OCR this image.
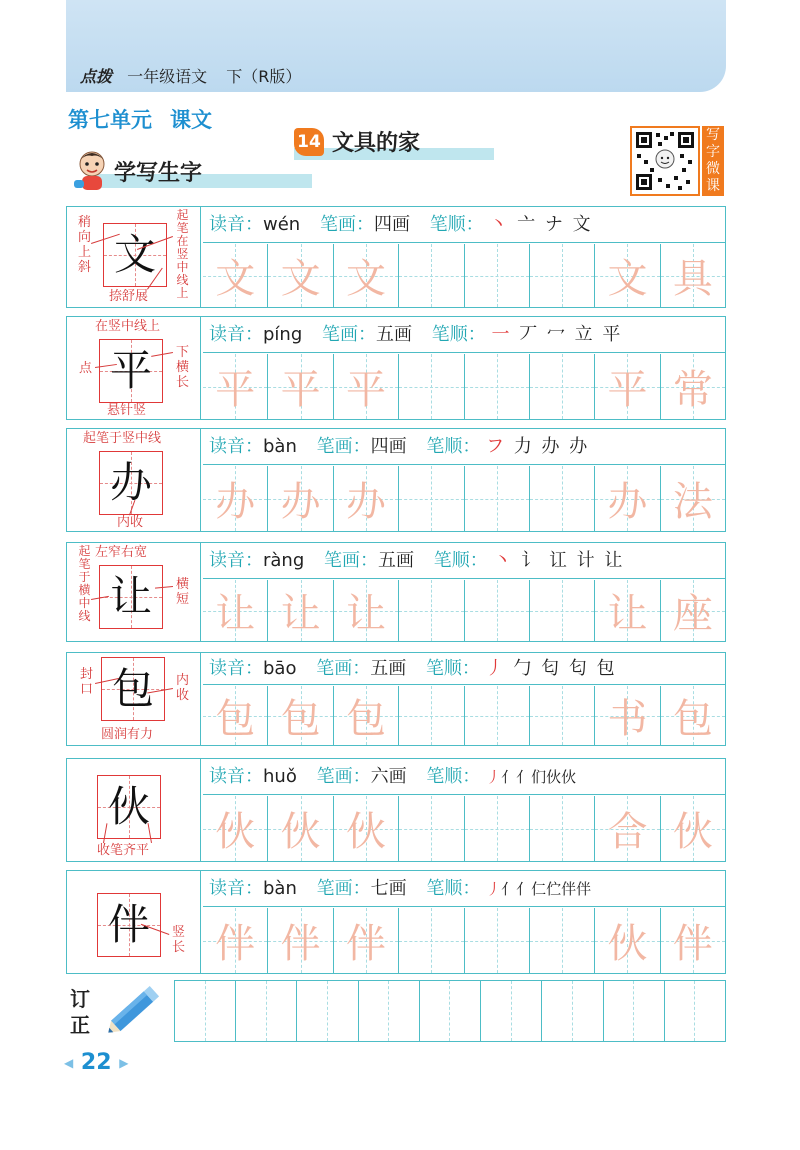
点拨 一年级语文 下（R版）
第七单元 课文
14 文具的家
学写生字
写
字
微
课
文
稍向上斜
起笔在竖中线上
捺舒展
读音：wén 笔画：四画 笔顺： 丶 亠 ナ 文
文 文 文	文 具
平
在竖中线上
点
下横长
悬针竖
读音：píng 笔画：五画 笔顺： 一 丆 冖 立 平
平 平 平	平 常
办
起笔于竖中线
内收
读音：bàn 笔画：四画 笔顺： フ 力 办 办
办 办 办	办 法
让
左窄右宽
起笔于横中线
横短
读音：ràng 笔画：五画 笔顺： 丶 讠 讧 计 让
让 让 让	让 座
包
封口
内收
圆润有力
读音：bāo 笔画：五画 笔顺： 丿 勹 匂 匂 包
包 包 包	书 包
伙
收笔齐平
读音：huǒ 笔画：六画 笔顺： 丿亻亻们伙伙
伙 伙 伙	合 伙
伴	竖长
读音：bàn 笔画：七画 笔顺： 丿亻亻仁伫伴伴
伴 伴 伴	伙 伴
订
正
◀ 22 ▶
